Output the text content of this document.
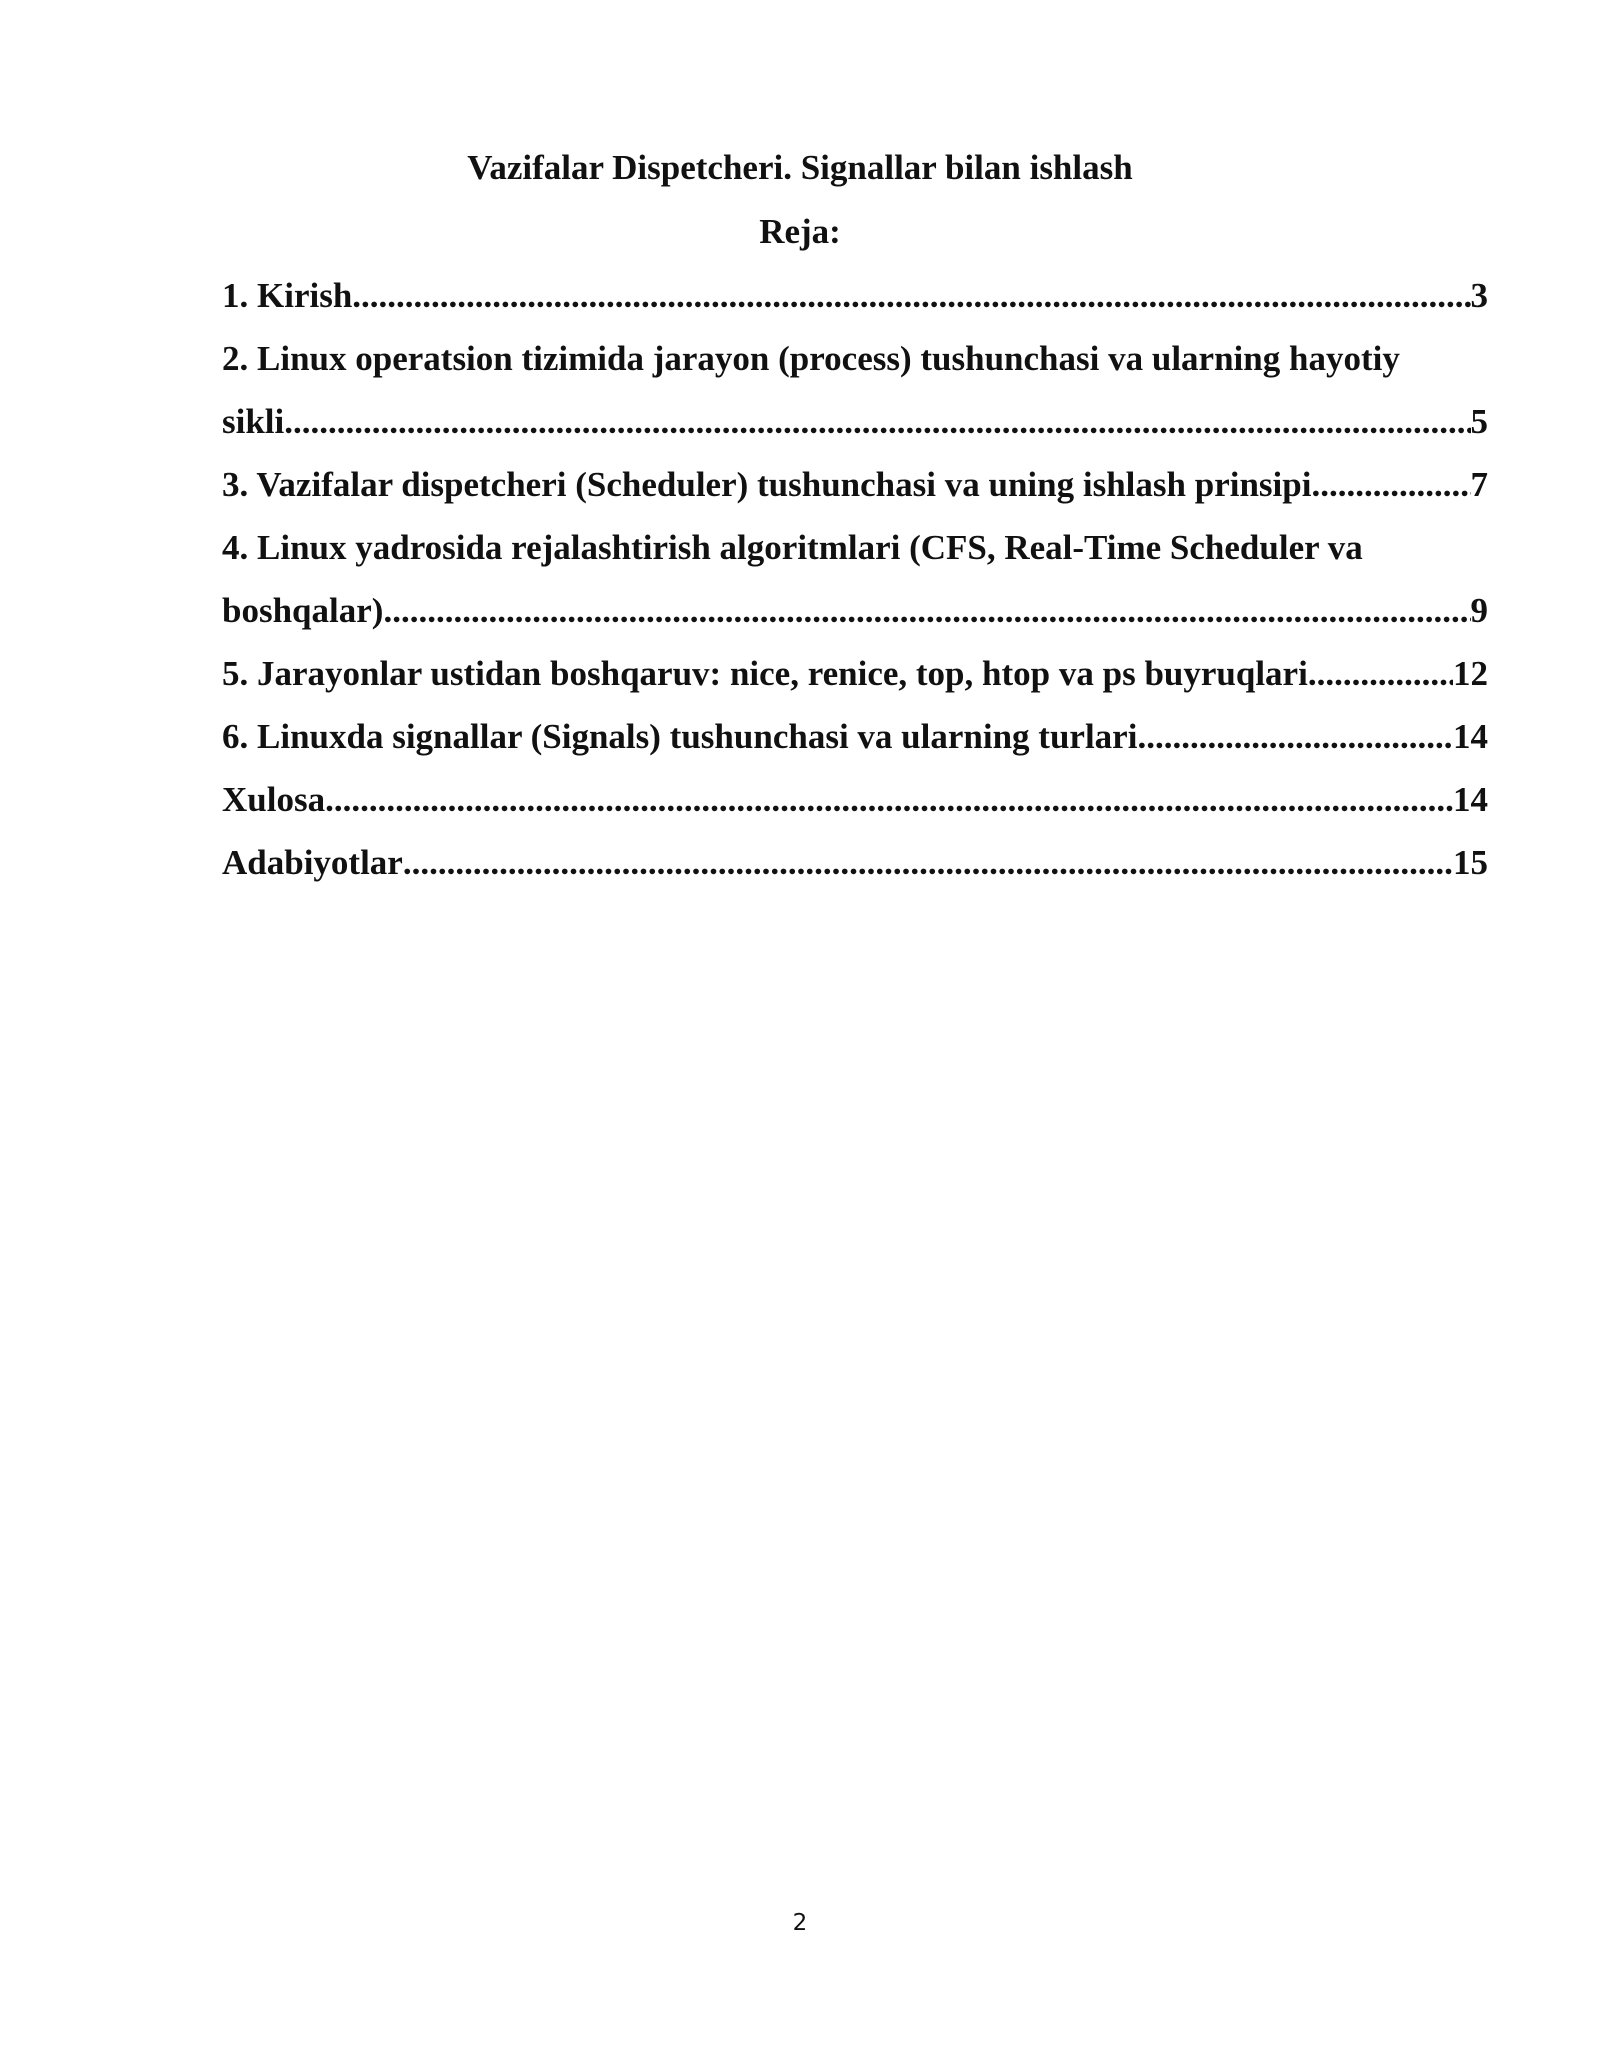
Vazifalar Dispetcheri. Signallar bilan ishlash
Reja:
1. Kirish .....	3
2. Linux operatsion tizimida jarayon (process) tushunchasi va ularning hayotiy
sikli .....	5
3. Vazifalar dispetcheri (Scheduler) tushunchasi va uning ishlash prinsipi .....	7
4. Linux yadrosida rejalashtirish algoritmlari (CFS, Real-Time Scheduler va
boshqalar) .....	9
5. Jarayonlar ustidan boshqaruv: nice, renice, top, htop va ps buyruqlari .....	12
6. Linuxda signallar (Signals) tushunchasi va ularning turlari .....	14
Xulosa .....	14
Adabiyotlar .....	15
2
